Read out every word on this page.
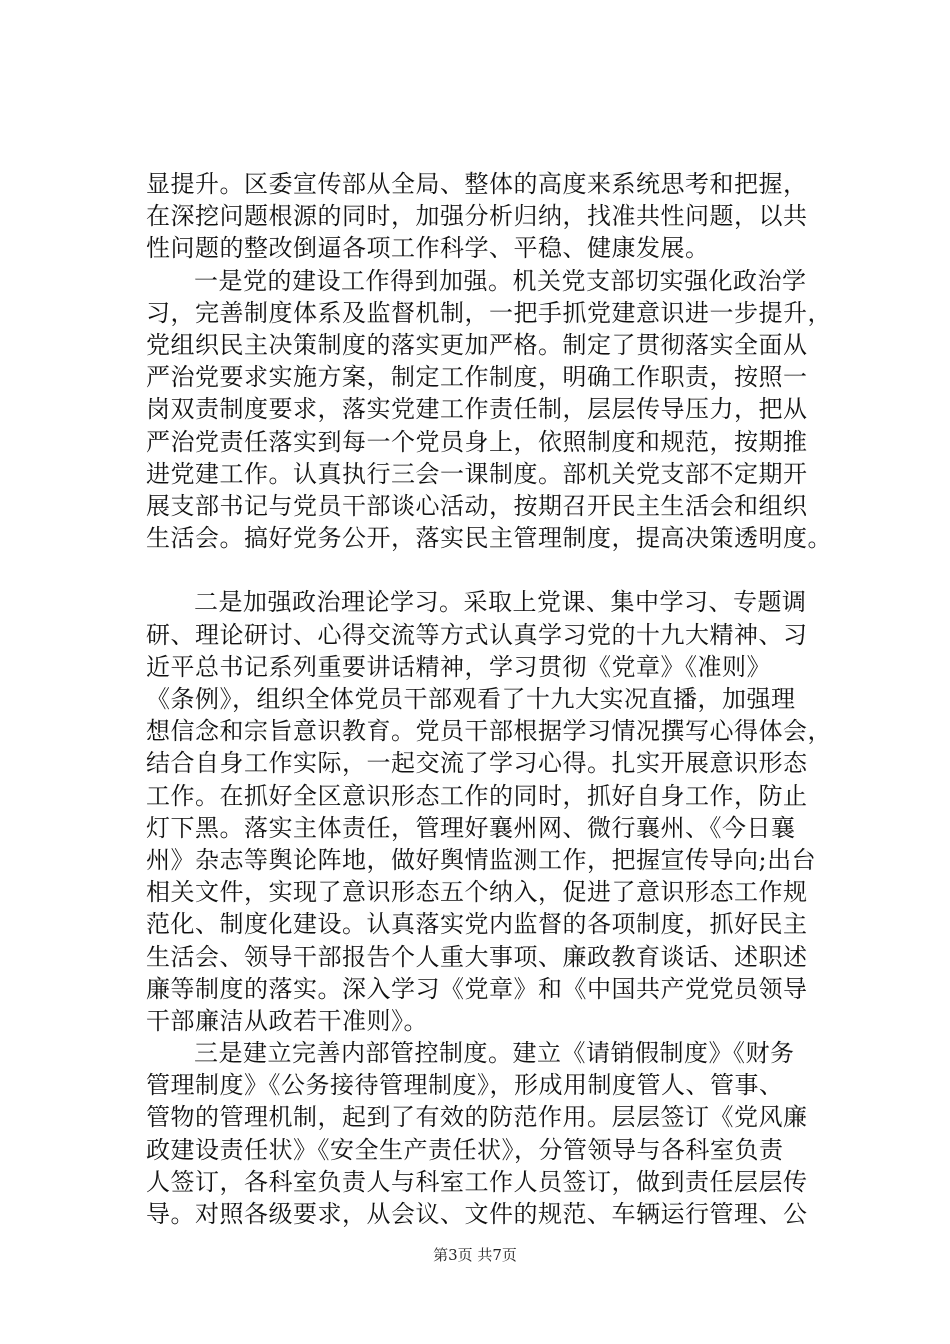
显提升。区委宣传部从全局、整体的高度来系统思考和把握，
在深挖问题根源的同时，加强分析归纳，找准共性问题，以共
性问题的整改倒逼各项工作科学、平稳、健康发展。
一是党的建设工作得到加强。机关党支部切实强化政治学
习，完善制度体系及监督机制，一把手抓党建意识进一步提升，
党组织民主决策制度的落实更加严格。制定了贯彻落实全面从
严治党要求实施方案，制定工作制度，明确工作职责，按照一
岗双责制度要求，落实党建工作责任制，层层传导压力，把从
严治党责任落实到每一个党员身上，依照制度和规范，按期推
进党建工作。认真执行三会一课制度。部机关党支部不定期开
展支部书记与党员干部谈心活动，按期召开民主生活会和组织
生活会。搞好党务公开，落实民主管理制度，提高决策透明度。
二是加强政治理论学习。采取上党课、集中学习、专题调
研、理论研讨、心得交流等方式认真学习党的十九大精神、习
近平总书记系列重要讲话精神，学习贯彻《党章》《准则》
《条例》，组织全体党员干部观看了十九大实况直播，加强理
想信念和宗旨意识教育。党员干部根据学习情况撰写心得体会，
结合自身工作实际，一起交流了学习心得。扎实开展意识形态
工作。在抓好全区意识形态工作的同时，抓好自身工作，防止
灯下黑。落实主体责任，管理好襄州网、微行襄州、《今日襄
州》杂志等舆论阵地，做好舆情监测工作，把握宣传导向;出台
相关文件，实现了意识形态五个纳入，促进了意识形态工作规
范化、制度化建设。认真落实党内监督的各项制度，抓好民主
生活会、领导干部报告个人重大事项、廉政教育谈话、述职述
廉等制度的落实。深入学习《党章》和《中国共产党党员领导
干部廉洁从政若干准则》。
三是建立完善内部管控制度。建立《请销假制度》《财务
管理制度》《公务接待管理制度》，形成用制度管人、管事、
管物的管理机制，起到了有效的防范作用。层层签订《党风廉
政建设责任状》《安全生产责任状》，分管领导与各科室负责
人签订，各科室负责人与科室工作人员签订，做到责任层层传
导。对照各级要求，从会议、文件的规范、车辆运行管理、公
第3页 共7页
